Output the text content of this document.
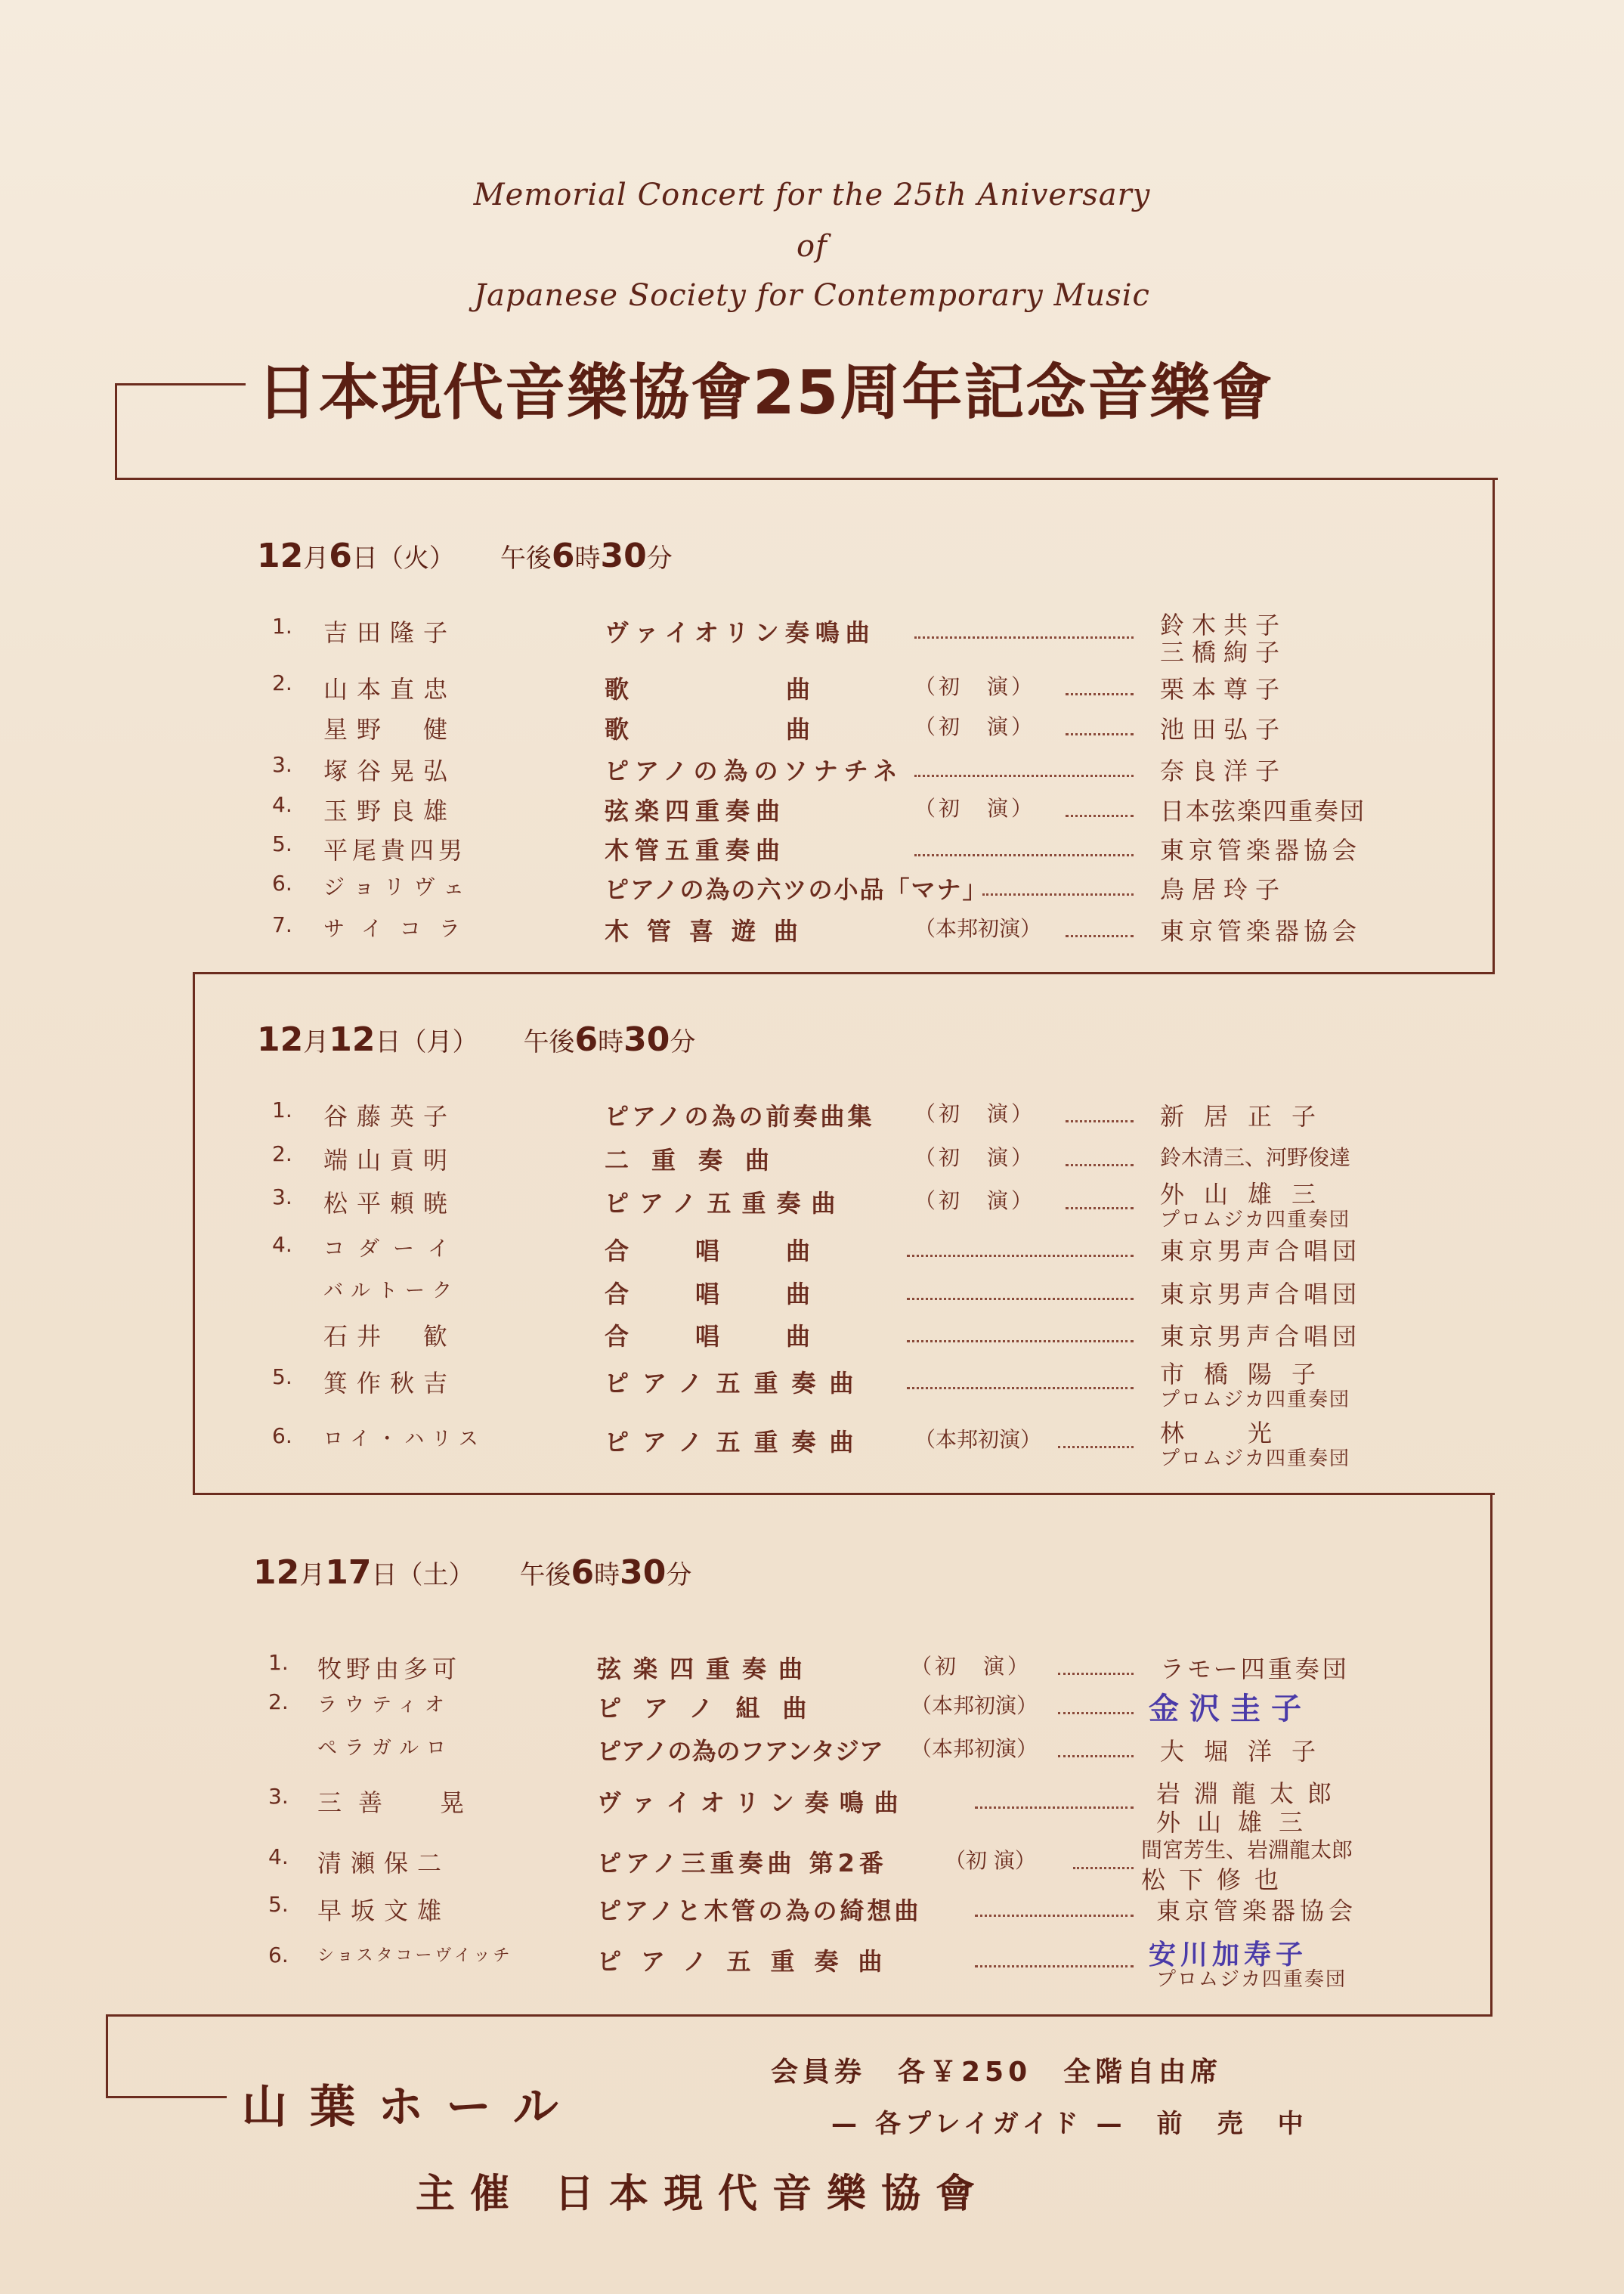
Memorial Concert for the 25th Aniversary
of
Japanese Society for Contemporary Music
日本現代音樂協會25周年記念音樂會
12月6日（火） 午後6時30分
1. 吉田隆子	ヴァイオリン奏鳴曲	鈴木共子
三橋絢子
2. 山本直忠	歌　　　　　曲	（初　演）	栗本尊子
星野　健	歌　　　　　曲	（初　演）	池田弘子
3. 塚谷晃弘	ピアノの為のソナチネ	奈良洋子
4. 玉野良雄	弦楽四重奏曲	（初　演）	日本弦楽四重奏団
5. 平尾貴四男	木管五重奏曲	東京管楽器協会
6. ジョリヴェ	ピアノの為の六ツの小品「マナ」	鳥居玲子
7. サイコラ	木管喜遊曲	（本邦初演）	東京管楽器協会
12月12日（月） 午後6時30分
1. 谷藤英子	ピアノの為の前奏曲集 （初　演）	新居正子
2. 端山貢明	二重奏曲	（初　演）	鈴木清三、河野俊達
3. 松平頼暁	ピアノ五重奏曲	（初　演）	外山雄三
プロムジカ四重奏団
4. コダーイ	合　　唱　　曲	東京男声合唱団
バルトーク	合　　唱　　曲	東京男声合唱団
石井　歓	合　　唱　　曲	東京男声合唱団
5. 箕作秋吉	ピアノ五重奏曲	市橋陽子
プロムジカ四重奏団
6. ロイ・ハリス	ピアノ五重奏曲 （本邦初演）	林　光
プロムジカ四重奏団
12月17日（土） 午後6時30分
1. 牧野由多可	弦楽四重奏曲	（初　演）	ラモー四重奏団
2. ラウティオ	ピアノ組曲	（本邦初演）	金沢圭子
ペラガルロ	ピアノの為のフアンタジア （本邦初演）	大堀洋子
3. 三善　晃	ヴァイオリン奏鳴曲	岩淵龍太郎
外山雄三
4. 清瀬保二	ピアノ三重奏曲 第2番	（初 演）	間宮芳生、岩淵龍太郎
松下修也
5. 早坂文雄	ピアノと木管の為の綺想曲	東京管楽器協会
6. ショスタコーヴイッチ	ピアノ五重奏曲	安川加寿子
プロムジカ四重奏団
山葉ホール
会員券　各￥250　全階自由席
— 各プレイガイド —　前　売　中
主催 日本現代音樂協會
